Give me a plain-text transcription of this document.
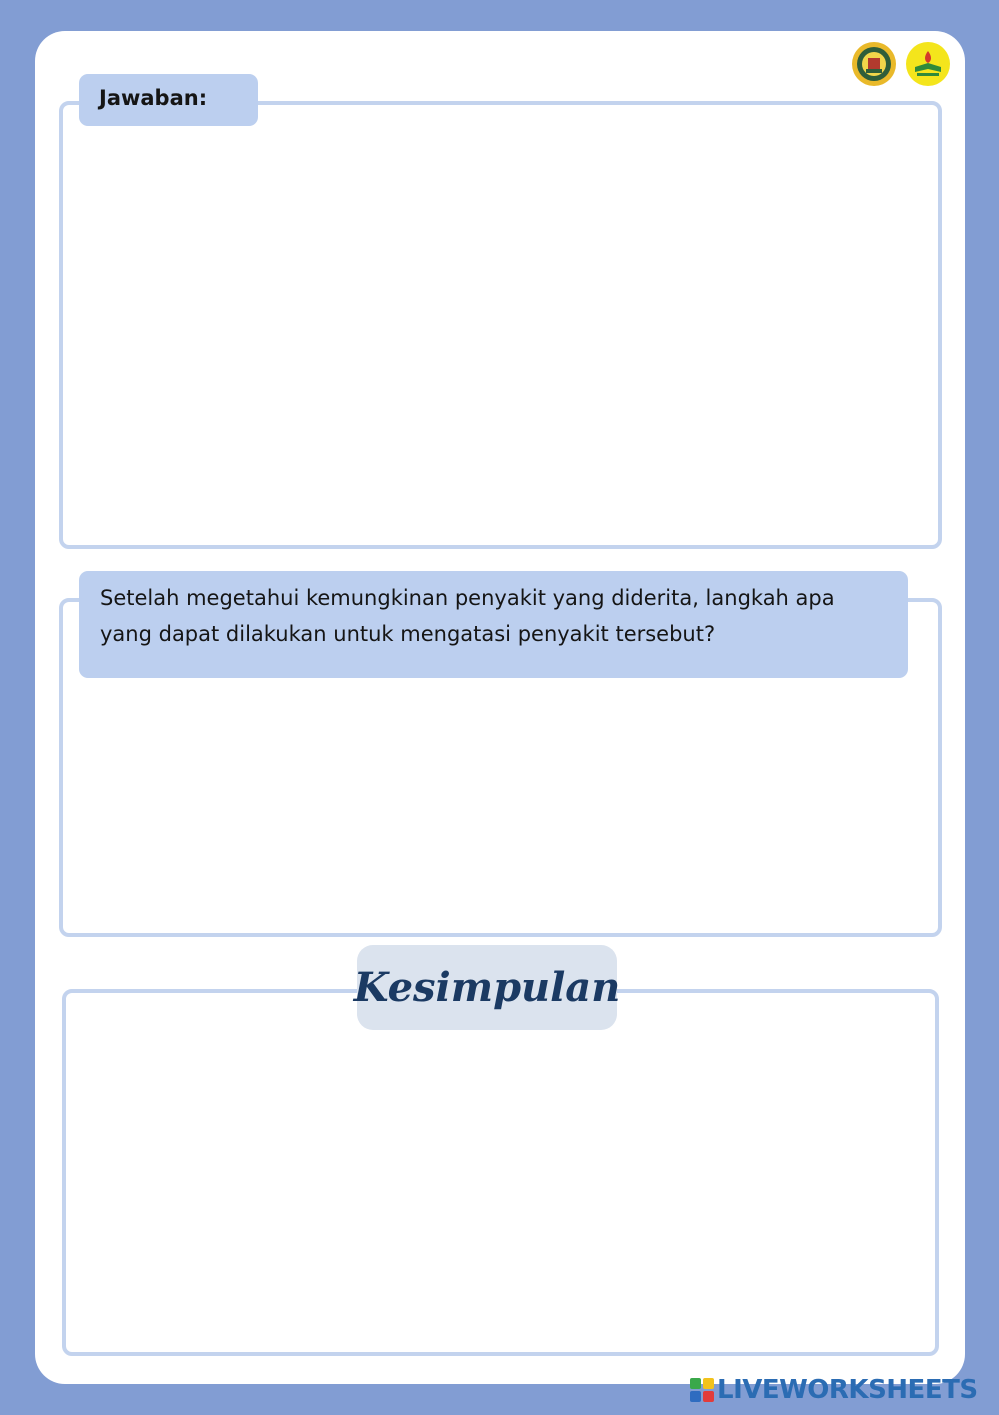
Jawaban:
Setelah megetahui kemungkinan penyakit yang diderita, langkah apa yang dapat dilakukan untuk mengatasi penyakit tersebut?
Kesimpulan
LIVEWORKSHEETS
